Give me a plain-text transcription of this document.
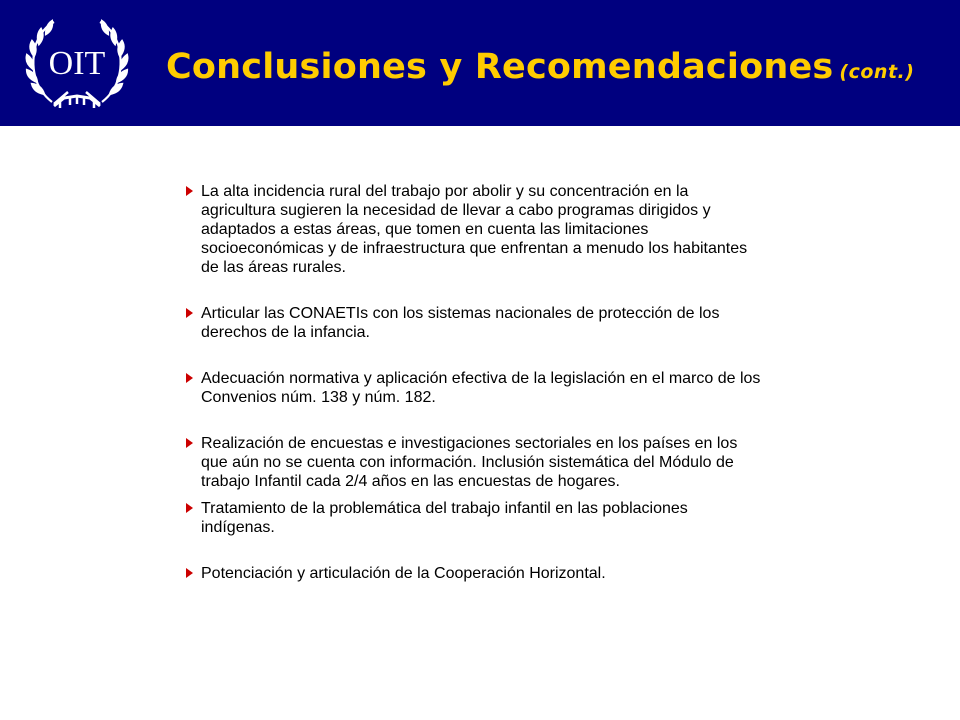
OIT Conclusiones y Recomendaciones (cont.)
La alta incidencia rural del trabajo por abolir y su concentración en la agricultura sugieren la necesidad de llevar a cabo programas dirigidos y adaptados a estas áreas, que tomen en cuenta las limitaciones socioeconómicas y de infraestructura que enfrentan a menudo los habitantes de las áreas rurales.
Articular las CONAETIs con los sistemas nacionales de protección de los derechos de la infancia.
Adecuación normativa y aplicación efectiva de la legislación en el marco de los Convenios núm. 138 y núm. 182.
Realización de encuestas e investigaciones sectoriales en los países en los que aún no se cuenta con información. Inclusión sistemática del Módulo de trabajo Infantil cada 2/4 años en las encuestas de hogares.
Tratamiento de la problemática del trabajo infantil en las poblaciones indígenas.
Potenciación y articulación de la Cooperación Horizontal.
